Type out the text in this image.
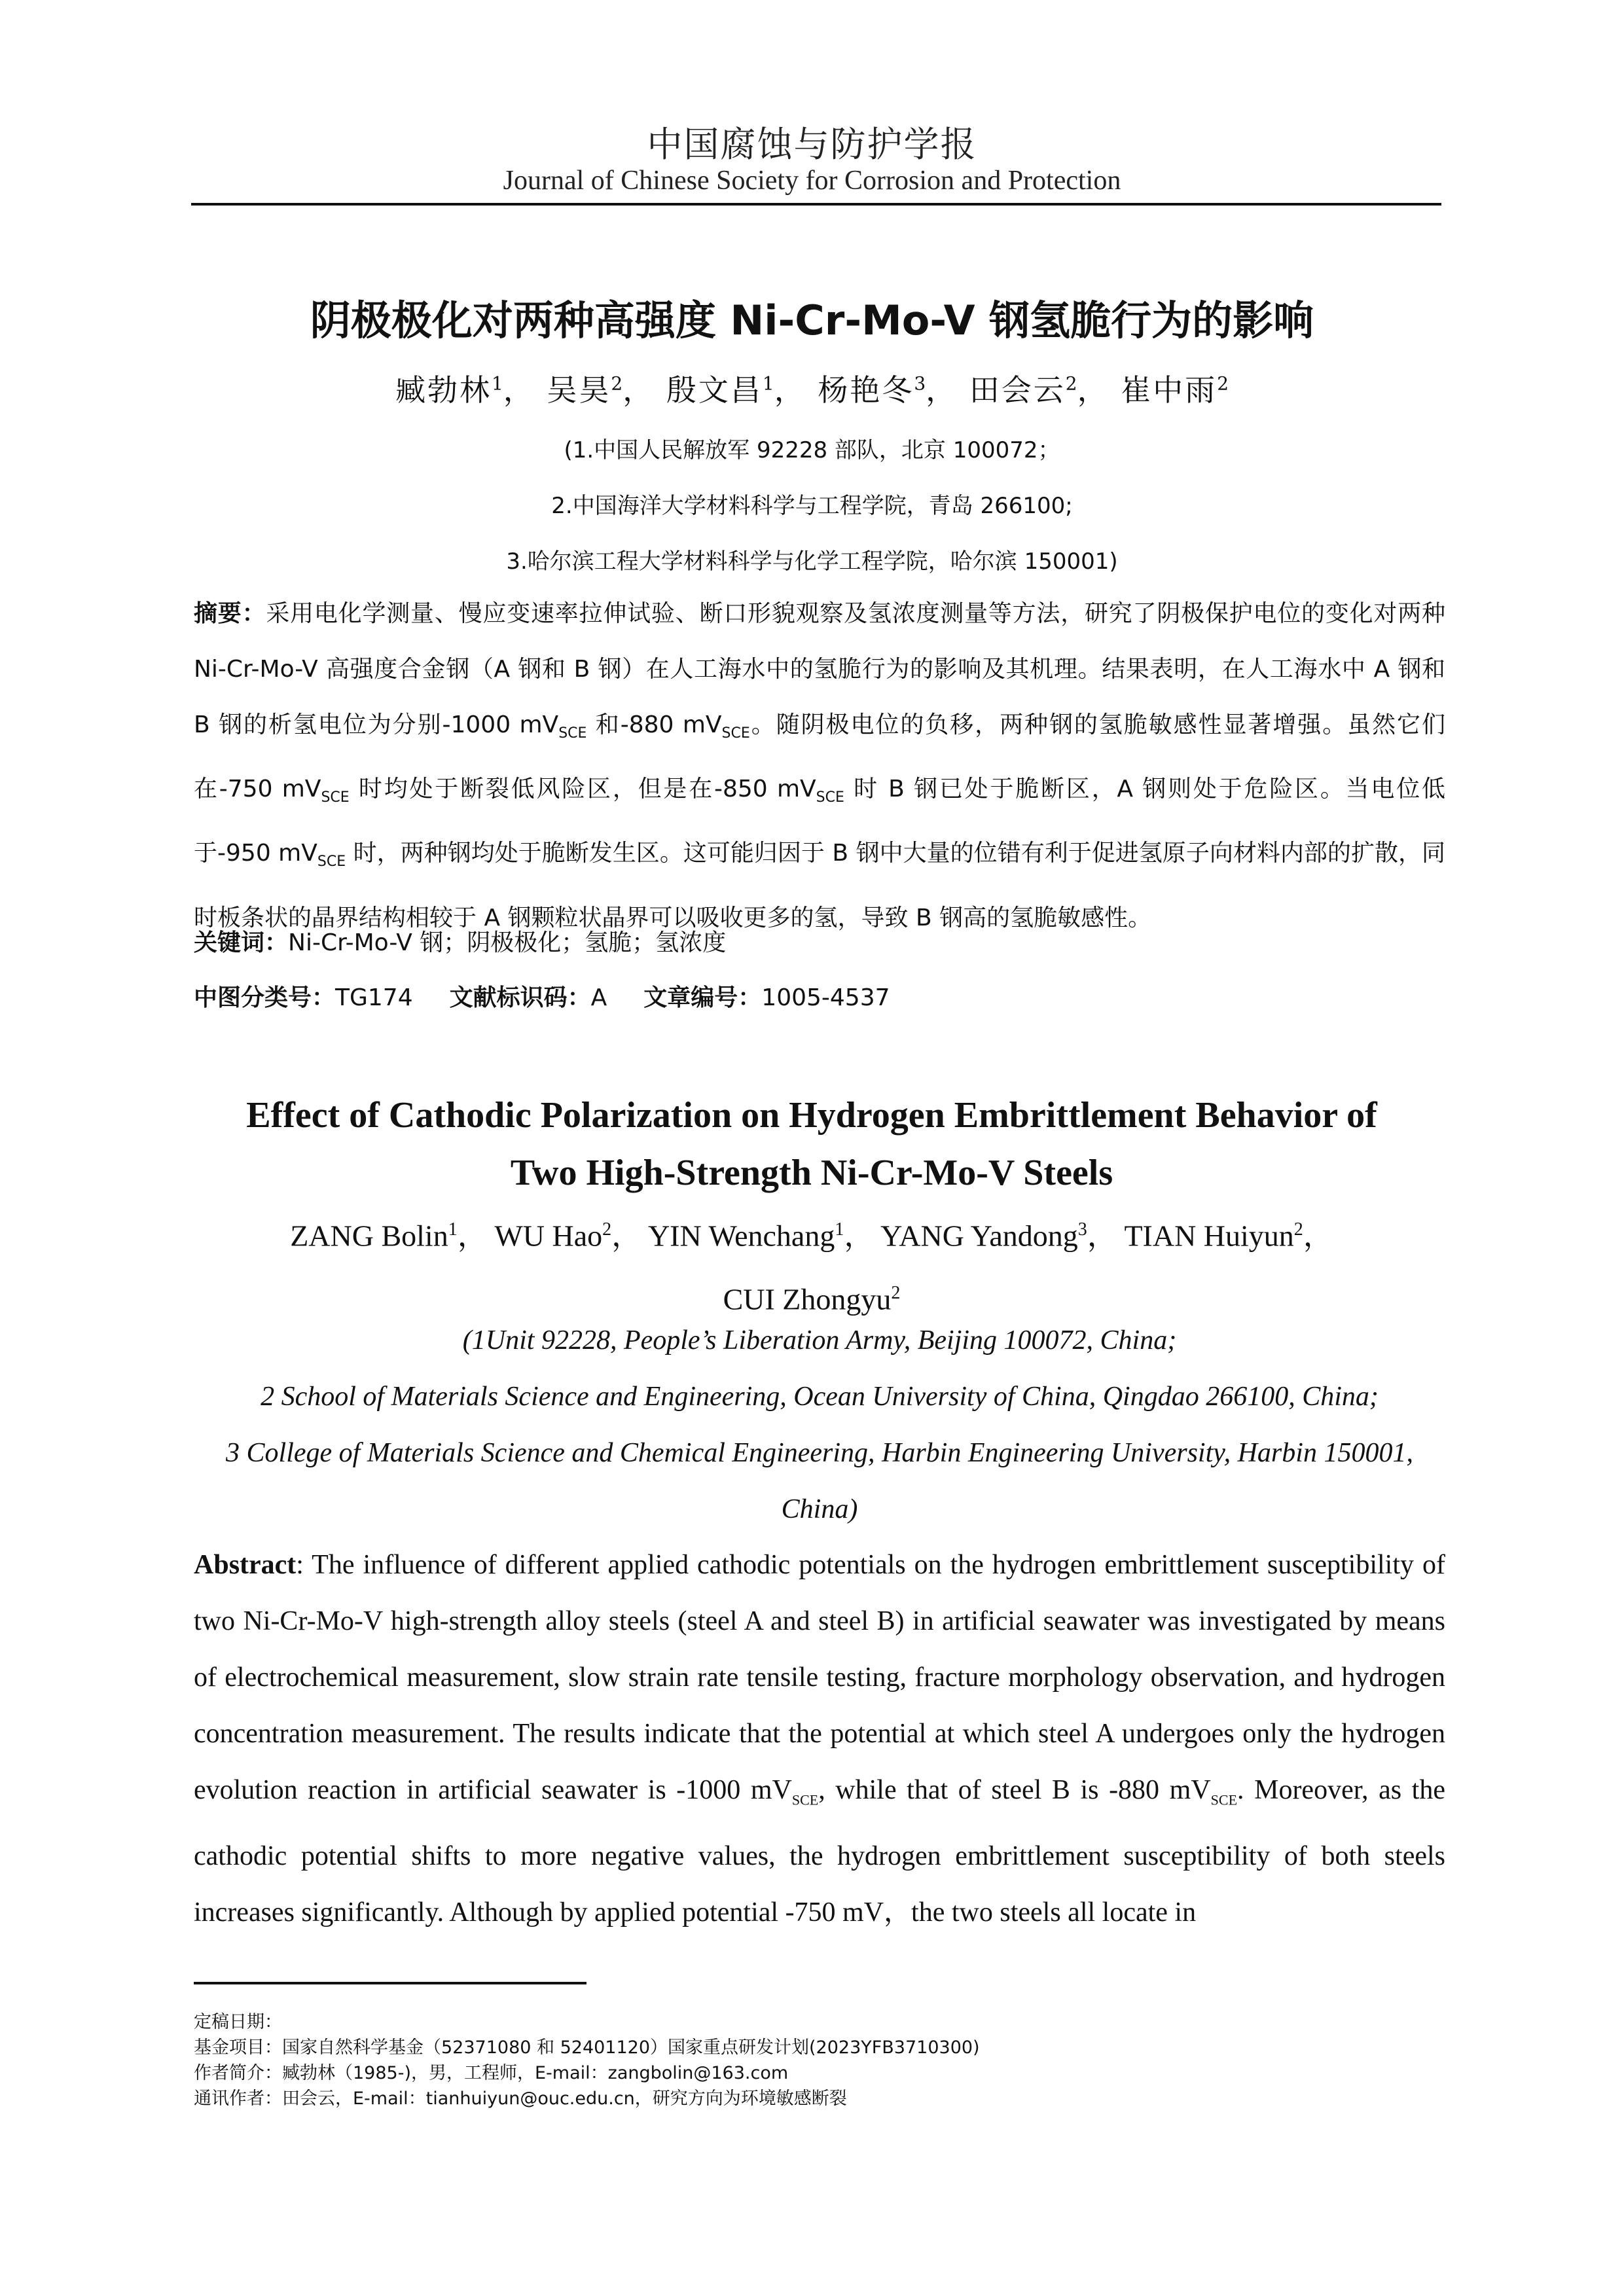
中国腐蚀与防护学报
Journal of Chinese Society for Corrosion and Protection
阴极极化对两种高强度 Ni-Cr-Mo-V 钢氢脆行为的影响
臧勃林$^1$， 吴昊$^2$， 殷文昌$^1$， 杨艳冬$^3$， 田会云$^2$， 崔中雨$^2$
(1.中国人民解放军 92228 部队，北京 100072；
2.中国海洋大学材料科学与工程学院，青岛 266100;
3.哈尔滨工程大学材料科学与化学工程学院，哈尔滨 150001)
摘要：采用电化学测量、慢应变速率拉伸试验、断口形貌观察及氢浓度测量等方法，研究了阴极保护电位的变化对两种 Ni-Cr-Mo-V 高强度合金钢（A 钢和 B 钢）在人工海水中的氢脆行为的影响及其机理。结果表明，在人工海水中 A 钢和 B 钢的析氢电位为分别-1000 $mV_{SCE}$ 和-880 $mV_{SCE}$。随阴极电位的负移，两种钢的氢脆敏感性显著增强。虽然它们在-750 $mV_{SCE}$ 时均处于断裂低风险区，但是在-850 $mV_{SCE}$ 时 B 钢已处于脆断区，A 钢则处于危险区。当电位低于-950 $mV_{SCE}$ 时，两种钢均处于脆断发生区。这可能归因于 B 钢中大量的位错有利于促进氢原子向材料内部的扩散，同时板条状的晶界结构相较于 A 钢颗粒状晶界可以吸收更多的氢，导致 B 钢高的氢脆敏感性。
关键词：Ni-Cr-Mo-V 钢；阴极极化；氢脆；氢浓度
中图分类号：TG174 文献标识码：A 文章编号：1005-4537
Effect of Cathodic Polarization on Hydrogen Embrittlement Behavior of
Two High-Strength Ni-Cr-Mo-V Steels
ZANG Bolin$^1$， WU Hao$^2$， YIN Wenchang$^1$， YANG Yandong$^3$， TIAN Huiyun$^2$，
CUI Zhongyu$^2$
(1Unit 92228, People’s Liberation Army, Beijing 100072, China;
2 School of Materials Science and Engineering, Ocean University of China, Qingdao 266100, China;
3 College of Materials Science and Chemical Engineering, Harbin Engineering University, Harbin 150001, China)
Abstract: The influence of different applied cathodic potentials on the hydrogen embrittlement susceptibility of two Ni-Cr-Mo-V high-strength alloy steels (steel A and steel B) in artificial seawater was investigated by means of electrochemical measurement, slow strain rate tensile testing, fracture morphology observation, and hydrogen concentration measurement. The results indicate that the potential at which steel A undergoes only the hydrogen evolution reaction in artificial seawater is -1000 $mV_{SCE}$, while that of steel B is -880 $mV_{SCE}$. Moreover, as the cathodic potential shifts to more negative values, the hydrogen embrittlement susceptibility of both steels increases significantly. Although by applied potential -750 mV，the two steels all locate in
定稿日期：
基金项目：国家自然科学基金（52371080 和 52401120）国家重点研发计划(2023YFB3710300)
作者简介：臧勃林（1985-)，男，工程师，E-mail：zangbolin@163.com
通讯作者：田会云，E-mail：tianhuiyun@ouc.edu.cn，研究方向为环境敏感断裂
